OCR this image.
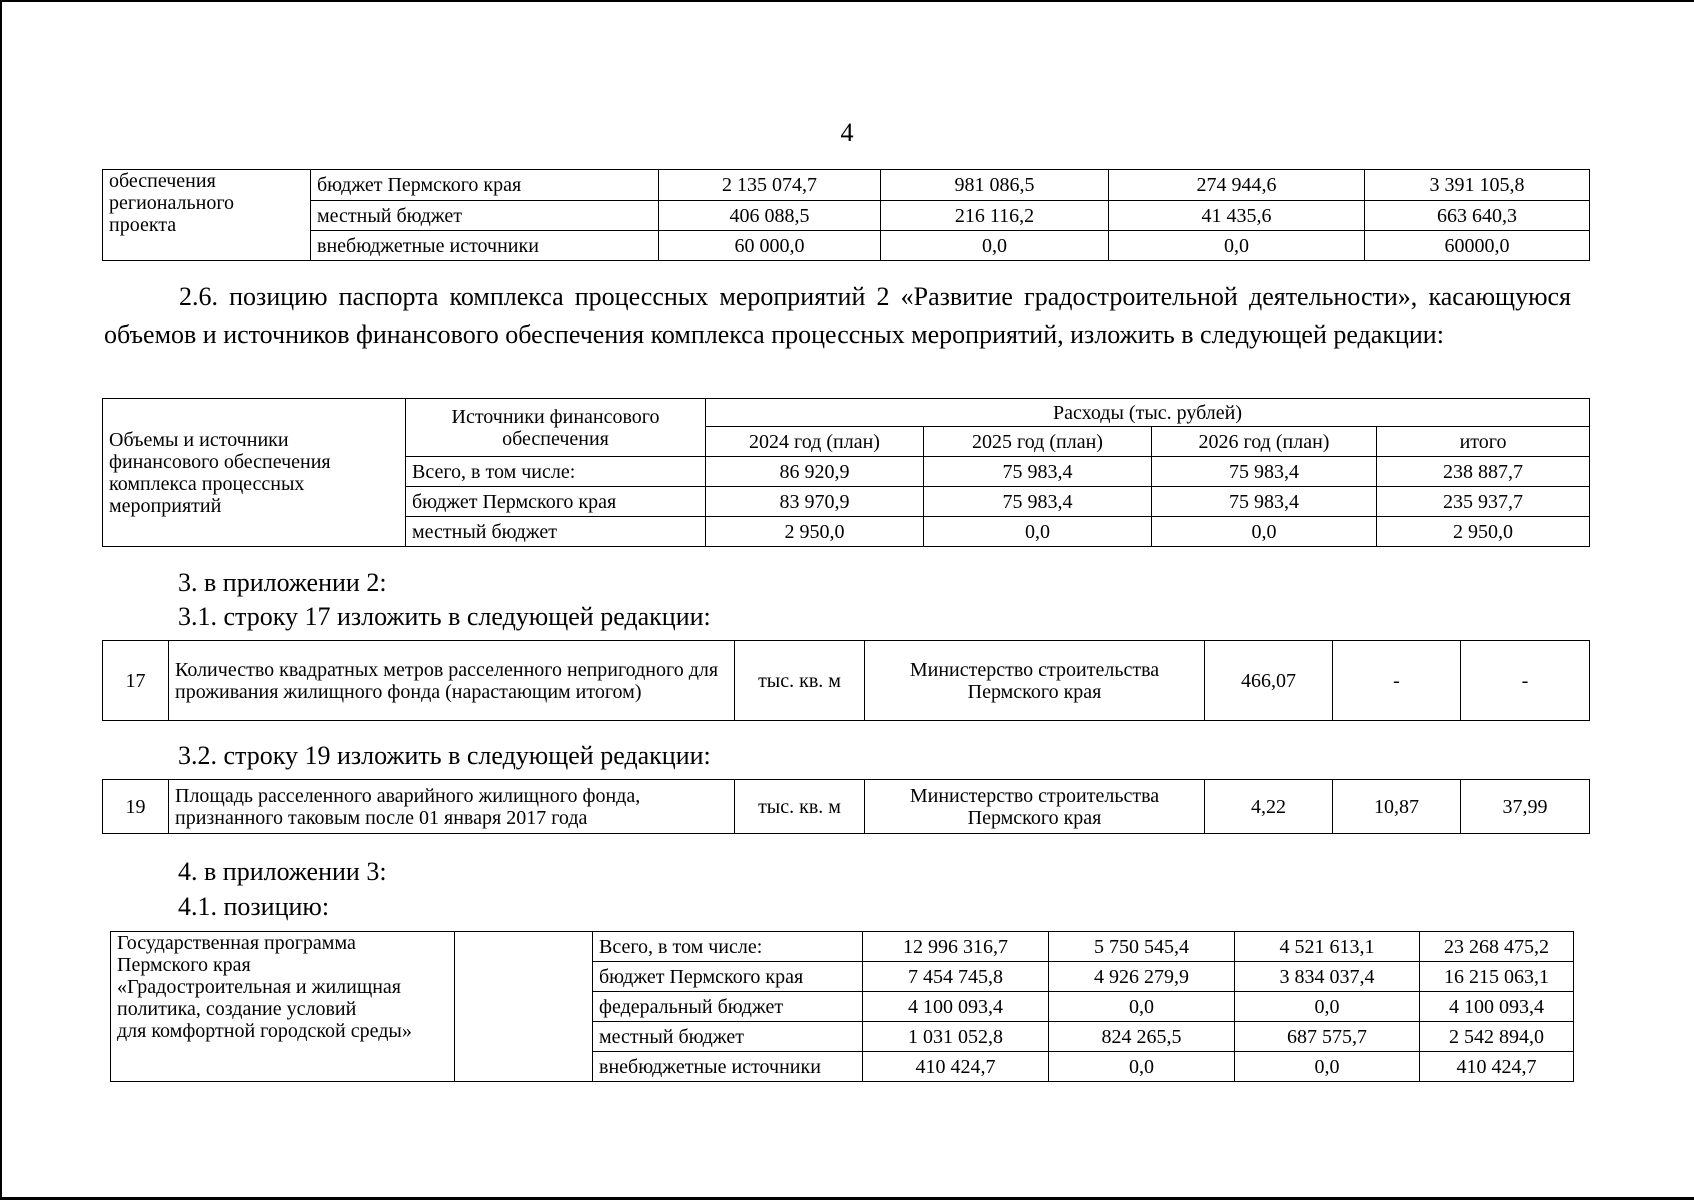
4
обеспечения
регионального
проекта	бюджет Пермского края	2 135 074,7	981 086,5	274 944,6	3 391 105,8
	местный бюджет	406 088,5	216 116,2	41 435,6	663 640,3
	внебюджетные источники	60 000,0	0,0	0,0	60000,0
2.6. позицию паспорта комплекса процессных мероприятий 2 «Развитие градостроительной деятельности», касающуюся объемов и источников финансового обеспечения комплекса процессных мероприятий, изложить в следующей редакции:
Объемы и источники финансового обеспечения комплекса процессных мероприятий	Источники финансового обеспечения	Расходы (тыс. рублей)			
		2024 год (план)	2025 год (план)	2026 год (план)	итого
	Всего, в том числе:	86 920,9	75 983,4	75 983,4	238 887,7
	бюджет Пермского края	83 970,9	75 983,4	75 983,4	235 937,7
	местный бюджет	2 950,0	0,0	0,0	2 950,0
3. в приложении 2:
3.1. строку 17 изложить в следующей редакции:
17	Количество квадратных метров расселенного непригодного для проживания жилищного фонда (нарастающим итогом)	тыс. кв. м	Министерство строительства Пермского края	466,07	-	-
3.2. строку 19 изложить в следующей редакции:
19	Площадь расселенного аварийного жилищного фонда, признанного таковым после 01 января 2017 года	тыс. кв. м	Министерство строительства Пермского края	4,22	10,87	37,99
4. в приложении 3:
4.1. позицию:
Государственная программа
Пермского края
«Градостроительная и жилищная
политика, создание условий
для комфортной городской среды»		Всего, в том числе:	12 996 316,7	5 750 545,4	4 521 613,1	23 268 475,2
		бюджет Пермского края	7 454 745,8	4 926 279,9	3 834 037,4	16 215 063,1
		федеральный бюджет	4 100 093,4	0,0	0,0	4 100 093,4
		местный бюджет	1 031 052,8	824 265,5	687 575,7	2 542 894,0
		внебюджетные источники	410 424,7	0,0	0,0	410 424,7
